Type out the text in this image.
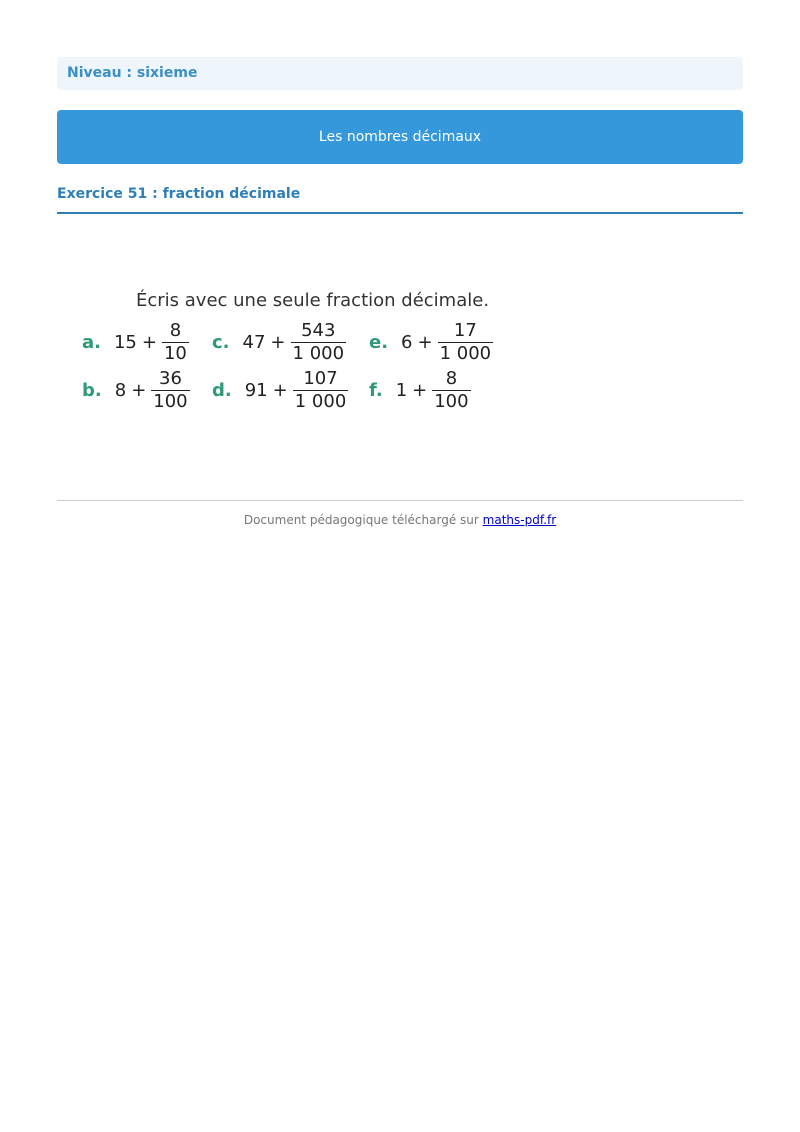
Niveau : sixieme
Les nombres décimaux
Exercice 51 : fraction décimale
Écris avec une seule fraction décimale.
a. $15 + \frac{8}{10}$
b. $8 + \frac{36}{100}$
c. $47 + \frac{543}{1 000}$
d. $91 + \frac{107}{1 000}$
e. $6 + \frac{17}{1 000}$
f. $1 + \frac{8}{100}$
Document pédagogique téléchargé sur maths-pdf.fr
